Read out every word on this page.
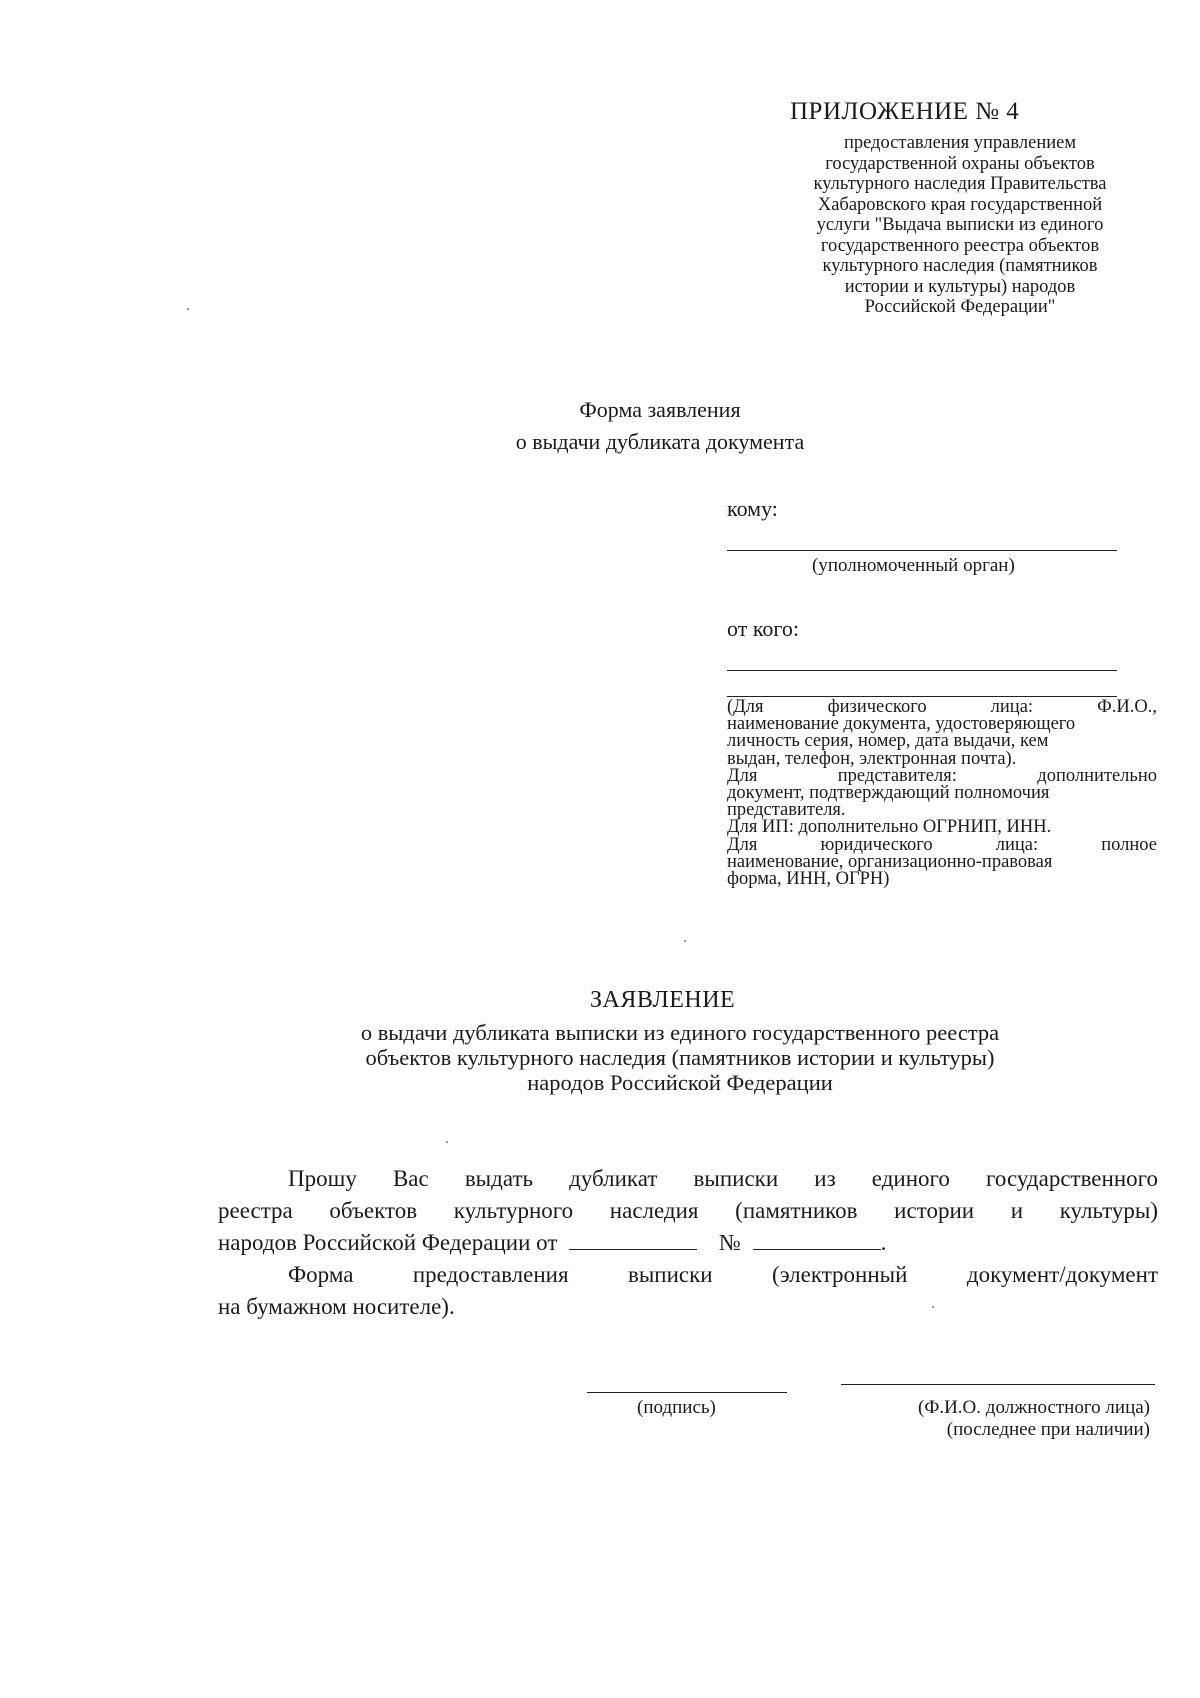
ПРИЛОЖЕНИЕ № 4
предоставления управлением
государственной охраны объектов
культурного наследия Правительства
Хабаровского края государственной
услуги "Выдача выписки из единого
государственного реестра объектов
культурного наследия (памятников
истории и культуры) народов
Российской Федерации"
Форма заявления
о выдачи дубликата документа
кому:
(уполномоченный орган)
от кого:
(Для физического лица: Ф.И.О.,
наименование документа, удостоверяющего
личность серия, номер, дата выдачи, кем
выдан, телефон, электронная почта).
Для представителя: дополнительно
документ, подтверждающий полномочия
представителя.
Для ИП: дополнительно ОГРНИП, ИНН.
Для юридического лица: полное
наименование, организационно-правовая
форма, ИНН, ОГРН)
ЗАЯВЛЕНИЕ
о выдачи дубликата выписки из единого государственного реестра
объектов культурного наследия (памятников истории и культуры)
народов Российской Федерации
Прошу Вас выдать дубликат выписки из единого государственного
реестра объектов культурного наследия (памятников истории и культуры)
народов Российской Федерации от	№	.
Форма предоставления выписки (электронный документ/документ
на бумажном носителе).
(подпись)	(Ф.И.О. должностного лица)
(последнее при наличии)
